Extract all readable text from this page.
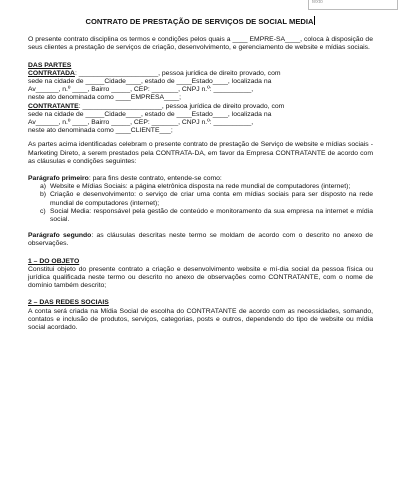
texto
CONTRATO DE PRESTAÇÃO DE SERVIÇOS DE SOCIAL MEDIA

O presente contrato disciplina os termos e condições pelos quais a ____ EMPRE-SA____, coloca à disposição de seus clientes a prestação de serviços de criação, desenvolvimento, e gerenciamento de website e mídias sociais.

DAS PARTES

CONTRATADA: _____________________, pessoa jurídica de direito provado, com

sede na cidade de _____Cidade____, estado de ____Estado____, localizada na

Av______, n.º ____, Bairro _____, CEP: _______, CNPJ n.º: __________,

neste ato denominada como ____EMPRESA____;

CONTRATANTE: _____________________, pessoa jurídica de direito provado, com

sede na cidade de _____Cidade____, estado de ____Estado____, localizada na

Av______, n.º ____, Bairro _____, CEP: _______, CNPJ n.º: __________,

neste ato denominada como ____CLIENTE___;

As partes acima identificadas celebram o presente contrato de prestação de Serviço de website e mídias sociais - Marketing Direto, a serem prestados pela CONTRATA-DA, em favor da Empresa CONTRATANTE de acordo com as cláusulas e condições seguintes:

Parágrafo primeiro: para fins deste contrato, entende-se como:

a) Website e Mídias Sociais: a página eletrônica disposta na rede mundial de computadores (internet);
b) Criação e desenvolvimento: o serviço de criar uma conta em mídias sociais para ser disposto na rede mundial de computadores (internet);
c) Social Media: responsável pela gestão de conteúdo e monitoramento da sua empresa na internet e mídia social.

Parágrafo segundo: as cláusulas descritas neste termo se moldam de acordo com o descrito no anexo de observações.

1 – DO OBJETO

Constitui objeto do presente contrato a criação e desenvolvimento website e mí-dia social da pessoa física ou jurídica qualificada neste termo ou descrito no anexo de observações como CONTRATANTE, com o nome de domínio também descrito;

2 – DAS REDES SOCIAIS

A conta será criada na Mídia Social de escolha do CONTRATANTE de acordo com as necessidades, somando, contatos e inclusão de produtos, serviços, categorias, posts e outros, dependendo do tipo de website ou mídia social acordado.
